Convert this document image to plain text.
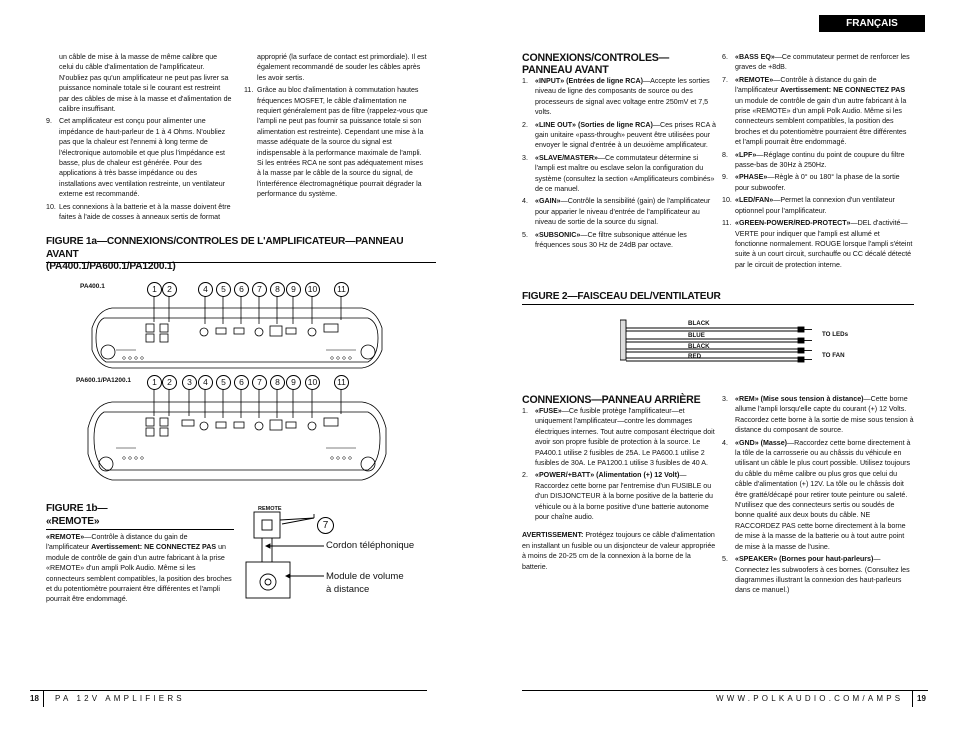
un câble de mise à la masse de même calibre que celui du câble d'alimentation de l'amplificateur. N'oubliez pas qu'un amplificateur ne peut pas livrer sa puissance nominale totale si le courant est restreint par des câbles de mise à la masse et d'alimentation de calibre insuffisant.

9. Cet amplificateur est conçu pour alimenter une impédance de haut-parleur de 1 à 4 Ohms. N'oubliez pas que la chaleur est l'ennemi à long terme de l'électronique automobile et que plus l'impédance est basse, plus de chaleur est générée. Pour des applications à très basse impédance ou des installations avec ventilation restreinte, un ventilateur externe est recommandé.
10. Les connexions à la batterie et à la masse doivent être faites à l'aide de cosses à anneaux sertis de format

approprié (la surface de contact est primordiale). Il est également recommandé de souder les câbles après les avoir sertis.

11. Grâce au bloc d'alimentation à commutation hautes fréquences MOSFET, le câble d'alimentation ne requiert généralement pas de filtre (rappelez-vous que l'ampli ne peut pas fournir sa puissance totale si son alimentation est restreinte). Cependant une mise à la masse adéquate de la source du signal est indispensable à la performance maximale de l'ampli. Si les entrées RCA ne sont pas adéquatement mises à la masse par le câble de la source du signal, de l'interférence électromagnétique pourrait dégrader la performance du système.
FIGURE 1a—CONNEXIONS/CONTROLES DE L'AMPLIFICATEUR—PANNEAU AVANT
(PA400.1/PA600.1/PA1200.1)
PA400.1
PA600.1/PA1200.1
1	2	4	5	6	7	8	9	10	11
1	2	3	4	5	6	7	8	9	10	11
FIGURE 1b—
«REMOTE»
«REMOTE»—Contrôle à distance du gain de l'amplificateur Avertissement: NE CONNECTEZ PAS un module de contrôle de gain d'un autre fabricant à la prise «REMOTE» d'un ampli Polk Audio. Même si les connecteurs semblent compatibles, la position des broches et du potentiomètre pourraient être différentes et l'ampli pourrait être endommagé.
REMOTE
7
Cordon téléphonique
Module de volume
à distance
18 PA 12V AMPLIFIERS
FRANÇAIS
CONNEXIONS/CONTROLES—
PANNEAU AVANT
1. «INPUT» (Entrées de ligne RCA)—Accepte les sorties niveau de ligne des composants de source ou des processeurs de signal avec voltage entre 250mV et 7,5 volts.
2. «LINE OUT» (Sorties de ligne RCA)—Ces prises RCA à gain unitaire «pass-through» peuvent être utilisées pour envoyer le signal d'entrée à un deuxième amplificateur.
3. «SLAVE/MASTER»—Ce commutateur détermine si l'ampli est maître ou esclave selon la configuration du système (consultez la section «Amplificateurs combinés» de ce manuel.
4. «GAIN»—Contrôle la sensibilité (gain) de l'amplificateur pour apparier le niveau d'entrée de l'amplificateur au niveau de sortie de la source du signal.
5. «SUBSONIC»—Ce filtre subsonique atténue les fréquences sous 30 Hz de 24dB par octave.
6. «BASS EQ»—Ce commutateur permet de renforcer les graves de +8dB.
7. «REMOTE»—Contrôle à distance du gain de l'amplificateur Avertissement: NE CONNECTEZ PAS un module de contrôle de gain d'un autre fabricant à la prise «REMOTE» d'un ampli Polk Audio. Même si les connecteurs semblent compatibles, la position des broches et du potentiomètre pourraient être différentes et l'ampli pourrait être endommagé.
8. «LPF»—Réglage continu du point de coupure du filtre passe-bas de 30Hz à 250Hz.
9. «PHASE»—Règle à 0° ou 180° la phase de la sortie pour subwoofer.
10. «LED/FAN»—Permet la connexion d'un ventilateur optionnel pour l'amplificateur.
11. «GREEN-POWER/RED-PROTECT»—DEL d'activité—VERTE pour indiquer que l'ampli est allumé et fonctionne normalement. ROUGE lorsque l'ampli s'éteint suite à un court circuit, surchauffe ou CC décalé détecté par le circuit de protection interne.
FIGURE 2—FAISCEAU DEL/VENTILATEUR
BLACK
BLUE
BLACK
RED
TO LEDs
TO FAN
CONNEXIONS—PANNEAU ARRIÈRE
1. «FUSE»—Ce fusible protège l'amplificateur—et uniquement l'amplificateur—contre les dommages électriques internes. Tout autre composant électrique doit avoir son propre fusible de protection à la source. Le PA400.1 utilise 2 fusibles de 25A. Le PA600.1 utilise 2 fusibles de 30A. Le PA1200.1 utilise 3 fusibles de 40 A.
2. «POWER/+BATT» (Alimentation (+) 12 Volt)—Raccordez cette borne par l'entremise d'un FUSIBLE ou d'un DISJONCTEUR à la borne positive de la batterie du véhicule ou à la borne positive d'une batterie autonome pour chaîne audio.

AVERTISSEMENT: Protégez toujours ce câble d'alimentation en installant un fusible ou un disjoncteur de valeur appropriée à moins de 20-25 cm de la connexion à la borne de la batterie.

3. «REM» (Mise sous tension à distance)—Cette borne allume l'ampli lorsqu'elle capte du courant (+) 12 Volts. Raccordez cette borne à la sortie de mise sous tension à distance du composant de source.
4. «GND» (Masse)—Raccordez cette borne directement à la tôle de la carrosserie ou au châssis du véhicule en utilisant un câble le plus court possible. Utilisez toujours du câble du même calibre ou plus gros que celui du câble d'alimentation (+) 12V. La tôle ou le châssis doit être gratté/décapé pour retirer toute peinture ou saleté. N'utilisez que des connecteurs sertis ou soudés de bonne qualité aux deux bouts du câble. NE RACCORDEZ PAS cette borne directement à la borne de mise à la masse de la batterie ou à tout autre point de mise à la masse de l'usine.
5. «SPEAKER» (Bornes pour haut-parleurs)—Connectez les subwoofers à ces bornes. (Consultez les diagrammes illustrant la connexion des haut-parleurs dans ce manuel.)
WWW.POLKAUDIO.COM/AMPS 19
